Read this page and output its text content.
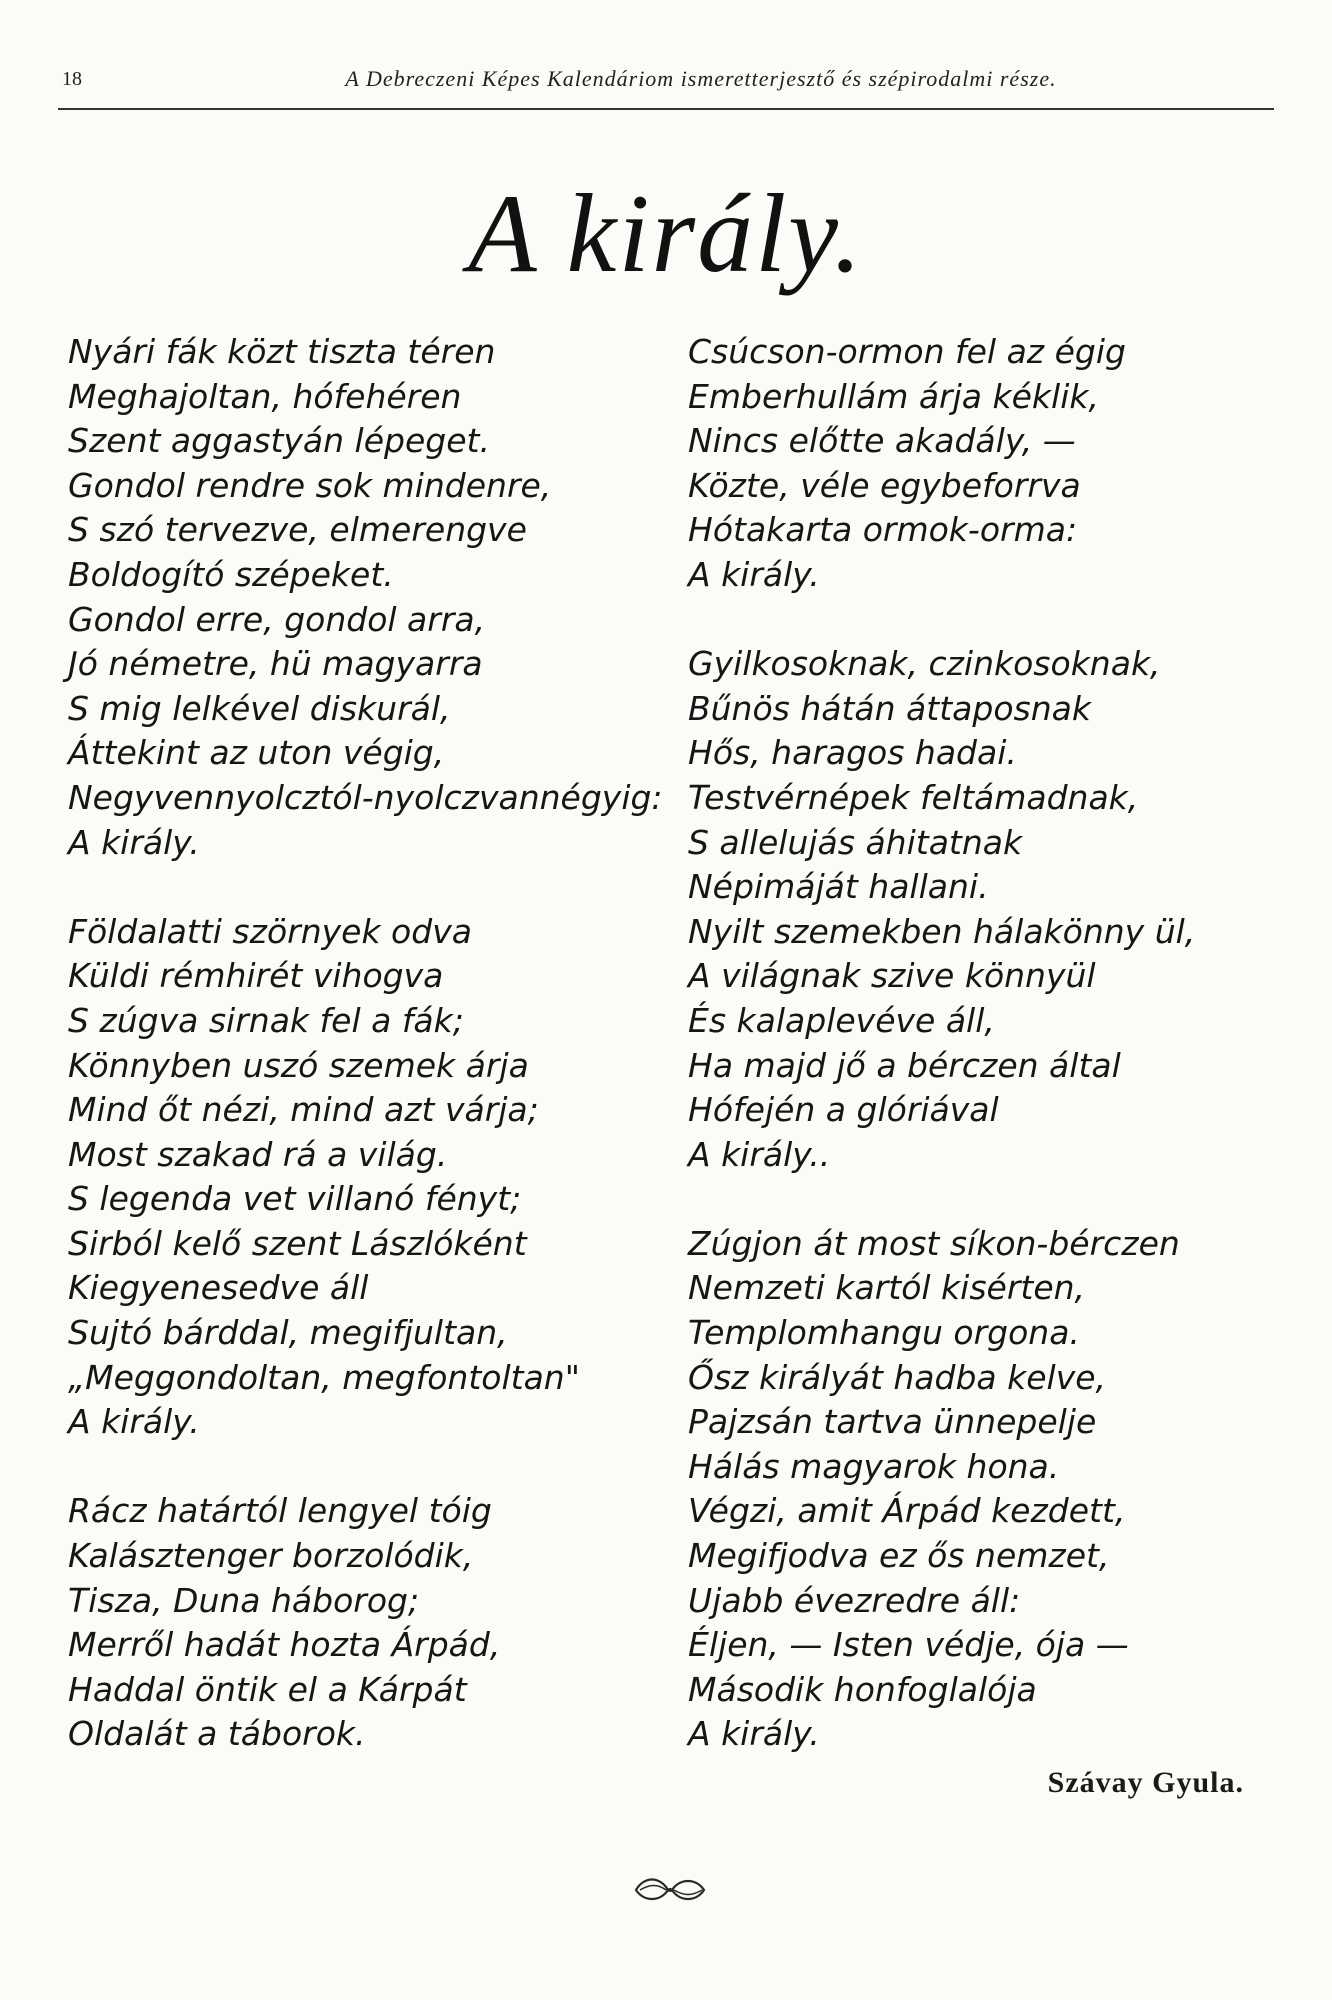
18	A Debreczeni Képes Kalendáriom ismeretterjesztő és szépirodalmi része.
A király.
Nyári fák közt tiszta téren
Meghajoltan, hófehéren
Szent aggastyán lépeget.
Gondol rendre sok mindenre,
S szó tervezve, elmerengve
Boldogító szépeket.
Gondol erre, gondol arra,
Jó németre, hü magyarra
S mig lelkével diskurál,
Áttekint az uton végig,
Negyvennyolcztól-nyolczvannégyig:
A király.
Földalatti szörnyek odva
Küldi rémhirét vihogva
S zúgva sirnak fel a fák;
Könnyben uszó szemek árja
Mind őt nézi, mind azt várja;
Most szakad rá a világ.
S legenda vet villanó fényt;
Sirból kelő szent Lászlóként
Kiegyenesedve áll
Sujtó bárddal, megifjultan,
„Meggondoltan, megfontoltan"
A király.
Rácz határtól lengyel tóig
Kalásztenger borzolódik,
Tisza, Duna háborog;
Merről hadát hozta Árpád,
Haddal öntik el a Kárpát
Oldalát a táborok.
Csúcson-ormon fel az égig
Emberhullám árja kéklik,
Nincs előtte akadály, —
Közte, véle egybeforrva
Hótakarta ormok-orma:
A király.
Gyilkosoknak, czinkosoknak,
Bűnös hátán áttaposnak
Hős, haragos hadai.
Testvérnépek feltámadnak,
S allelujás áhitatnak
Népimáját hallani.
Nyilt szemekben hálakönny ül,
A világnak szive könnyül
És kalaplevéve áll,
Ha majd jő a bérczen által
Hófején a glóriával
A király..
Zúgjon át most síkon-bérczen
Nemzeti kartól kisérten,
Templomhangu orgona.
Ősz királyát hadba kelve,
Pajzsán tartva ünnepelje
Hálás magyarok hona.
Végzi, amit Árpád kezdett,
Megifjodva ez ős nemzet,
Ujabb évezredre áll:
Éljen, — Isten védje, ója —
Második honfoglalója
A király.
Szávay Gyula.
